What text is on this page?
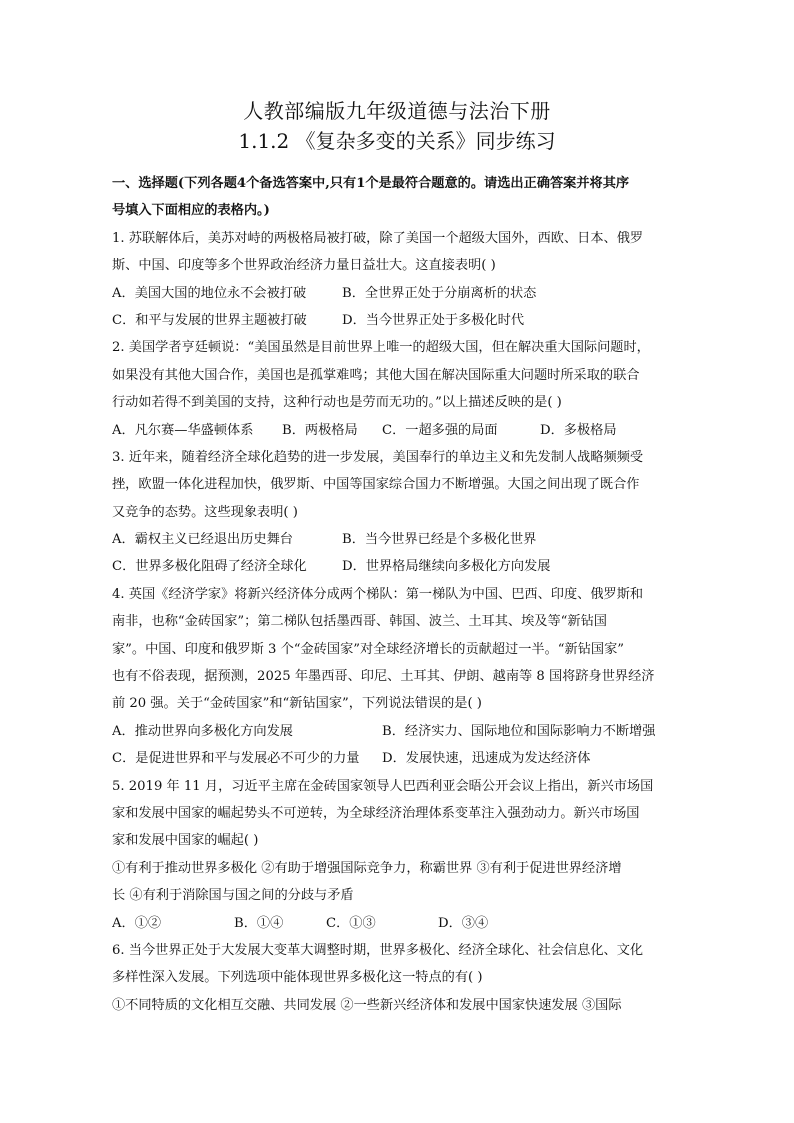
人教部编版九年级道德与法治下册
1.1.2 《复杂多变的关系》同步练习
一、选择题(下列各题4个备选答案中,只有1个是最符合题意的。请选出正确答案并将其序
号填入下面相应的表格内。)
1. 苏联解体后，美苏对峙的两极格局被打破，除了美国一个超级大国外，西欧、日本、俄罗
斯、中国、印度等多个世界政治经济力量日益壮大。这直接表明( )
A．美国大国的地位永不会被打破	B．全世界正处于分崩离析的状态
C．和平与发展的世界主题被打破	D．当今世界正处于多极化时代
2. 美国学者亨廷顿说：“美国虽然是目前世界上唯一的超级大国，但在解决重大国际问题时，
如果没有其他大国合作，美国也是孤掌难鸣；其他大国在解决国际重大问题时所采取的联合
行动如若得不到美国的支持，这种行动也是劳而无功的。”以上描述反映的是( )
A．凡尔赛—华盛顿体系 B．两极格局 C．一超多强的局面	D．多极格局
3. 近年来，随着经济全球化趋势的进一步发展，美国奉行的单边主义和先发制人战略频频受
挫，欧盟一体化进程加快，俄罗斯、中国等国家综合国力不断增强。大国之间出现了既合作
又竞争的态势。这些现象表明( )
A．霸权主义已经退出历史舞台	B．当今世界已经是个多极化世界
C．世界多极化阻碍了经济全球化	D．世界格局继续向多极化方向发展
4. 英国《经济学家》将新兴经济体分成两个梯队：第一梯队为中国、巴西、印度、俄罗斯和
南非，也称“金砖国家”；第二梯队包括墨西哥、韩国、波兰、土耳其、埃及等“新钻国
家”。中国、印度和俄罗斯 3 个“金砖国家”对全球经济增长的贡献超过一半。“新钻国家”
也有不俗表现，据预测，2025 年墨西哥、印尼、土耳其、伊朗、越南等 8 国将跻身世界经济
前 20 强。关于“金砖国家”和“新钻国家”，下列说法错误的是( )
A．推动世界向多极化方向发展	B．经济实力、国际地位和国际影响力不断增强
C．是促进世界和平与发展必不可少的力量 D．发展快速，迅速成为发达经济体
5. 2019 年 11 月，习近平主席在金砖国家领导人巴西利亚会晤公开会议上指出，新兴市场国
家和发展中国家的崛起势头不可逆转，为全球经济治理体系变革注入强劲动力。新兴市场国
家和发展中国家的崛起( )
①有利于推动世界多极化 ②有助于增强国际竞争力，称霸世界 ③有利于促进世界经济增
长 ④有利于消除国与国之间的分歧与矛盾
A．①②	B．①④	C．①③	D．③④
6. 当今世界正处于大发展大变革大调整时期，世界多极化、经济全球化、社会信息化、文化
多样性深入发展。下列选项中能体现世界多极化这一特点的有( )
①不同特质的文化相互交融、共同发展 ②一些新兴经济体和发展中国家快速发展 ③国际
